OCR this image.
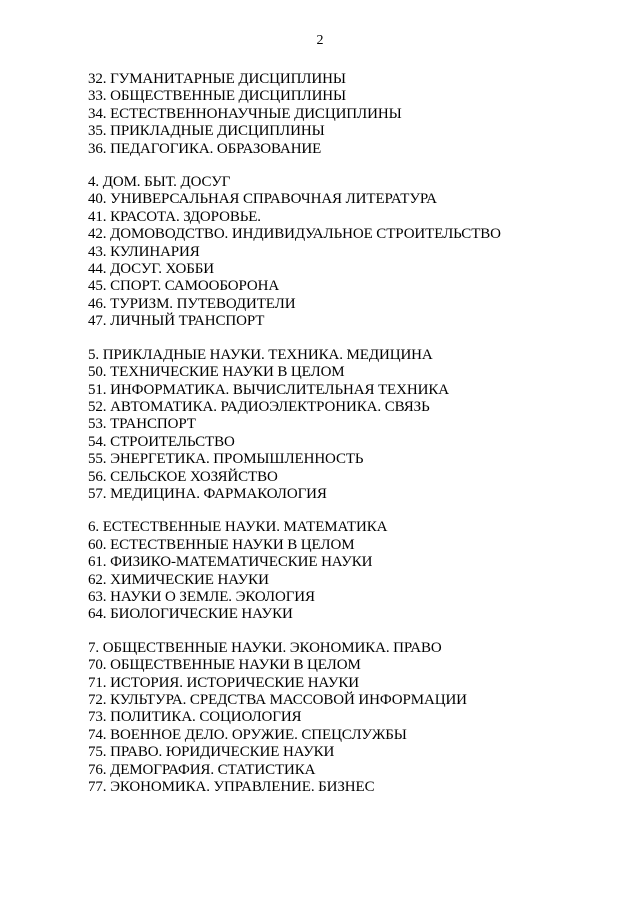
2
32. ГУМАНИТАРНЫЕ ДИСЦИПЛИНЫ
33. ОБЩЕСТВЕННЫЕ ДИСЦИПЛИНЫ
34. ЕСТЕСТВЕННОНАУЧНЫЕ ДИСЦИПЛИНЫ
35. ПРИКЛАДНЫЕ ДИСЦИПЛИНЫ
36. ПЕДАГОГИКА. ОБРАЗОВАНИЕ
4. ДОМ. БЫТ. ДОСУГ
40. УНИВЕРСАЛЬНАЯ СПРАВОЧНАЯ ЛИТЕРАТУРА
41. КРАСОТА. ЗДОРОВЬЕ.
42. ДОМОВОДСТВО. ИНДИВИДУАЛЬНОЕ СТРОИТЕЛЬСТВО
43. КУЛИНАРИЯ
44. ДОСУГ. ХОББИ
45. СПОРТ. САМООБОРОНА
46. ТУРИЗМ. ПУТЕВОДИТЕЛИ
47. ЛИЧНЫЙ ТРАНСПОРТ
5. ПРИКЛАДНЫЕ НАУКИ. ТЕХНИКА. МЕДИЦИНА
50. ТЕХНИЧЕСКИЕ НАУКИ В ЦЕЛОМ
51. ИНФОРМАТИКА. ВЫЧИСЛИТЕЛЬНАЯ ТЕХНИКА
52. АВТОМАТИКА. РАДИОЭЛЕКТРОНИКА. СВЯЗЬ
53. ТРАНСПОРТ
54. СТРОИТЕЛЬСТВО
55. ЭНЕРГЕТИКА. ПРОМЫШЛЕННОСТЬ
56. СЕЛЬСКОЕ ХОЗЯЙСТВО
57. МЕДИЦИНА. ФАРМАКОЛОГИЯ
6. ЕСТЕСТВЕННЫЕ НАУКИ. МАТЕМАТИКА
60. ЕСТЕСТВЕННЫЕ НАУКИ В ЦЕЛОМ
61. ФИЗИКО-МАТЕМАТИЧЕСКИЕ НАУКИ
62. ХИМИЧЕСКИЕ НАУКИ
63. НАУКИ О ЗЕМЛЕ. ЭКОЛОГИЯ
64. БИОЛОГИЧЕСКИЕ НАУКИ
7. ОБЩЕСТВЕННЫЕ НАУКИ. ЭКОНОМИКА. ПРАВО
70. ОБЩЕСТВЕННЫЕ НАУКИ В ЦЕЛОМ
71. ИСТОРИЯ. ИСТОРИЧЕСКИЕ НАУКИ
72. КУЛЬТУРА. СРЕДСТВА МАССОВОЙ ИНФОРМАЦИИ
73. ПОЛИТИКА. СОЦИОЛОГИЯ
74. ВОЕННОЕ ДЕЛО. ОРУЖИЕ. СПЕЦСЛУЖБЫ
75. ПРАВО. ЮРИДИЧЕСКИЕ НАУКИ
76. ДЕМОГРАФИЯ. СТАТИСТИКА
77. ЭКОНОМИКА. УПРАВЛЕНИЕ. БИЗНЕС
